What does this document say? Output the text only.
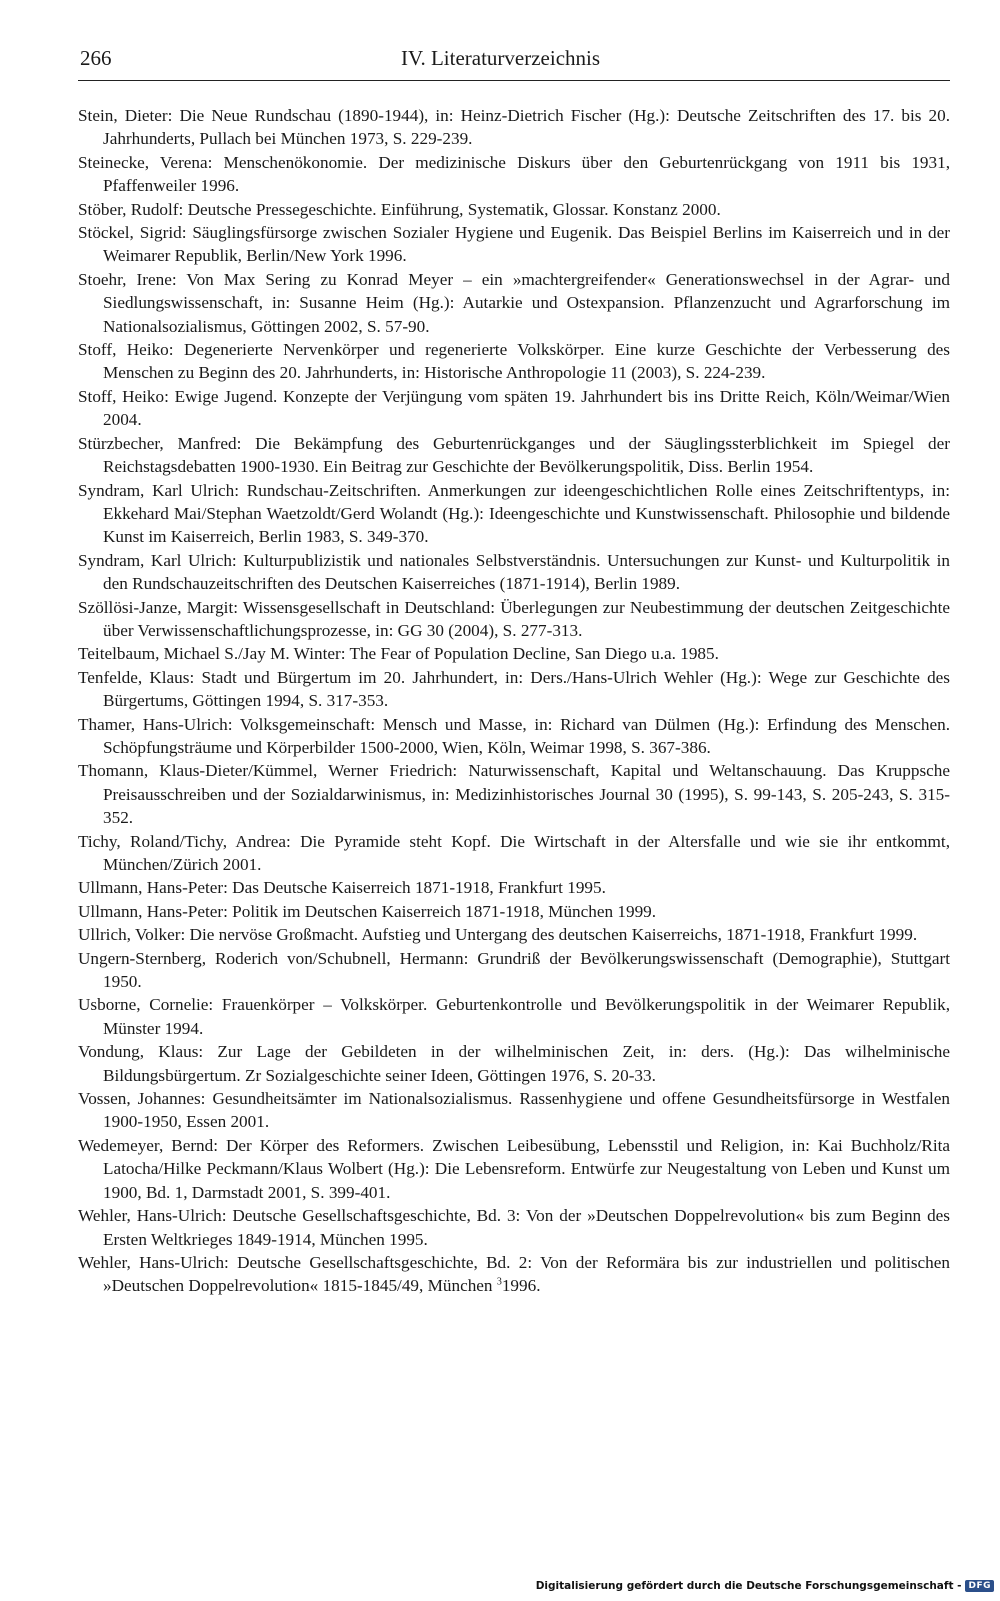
266	IV. Literaturverzeichnis

Stein, Dieter: Die Neue Rundschau (1890-1944), in: Heinz-Dietrich Fischer (Hg.): Deutsche Zeitschriften des 17. bis 20. Jahrhunderts, Pullach bei München 1973, S. 229-239.

Steinecke, Verena: Menschenökonomie. Der medizinische Diskurs über den Geburtenrückgang von 1911 bis 1931, Pfaffenweiler 1996.

Stöber, Rudolf: Deutsche Pressegeschichte. Einführung, Systematik, Glossar. Konstanz 2000.

Stöckel, Sigrid: Säuglingsfürsorge zwischen Sozialer Hygiene und Eugenik. Das Beispiel Berlins im Kaiserreich und in der Weimarer Republik, Berlin/New York 1996.

Stoehr, Irene: Von Max Sering zu Konrad Meyer – ein »machtergreifender« Generationswechsel in der Agrar- und Siedlungswissenschaft, in: Susanne Heim (Hg.): Autarkie und Ostexpansion. Pflanzenzucht und Agrarforschung im Nationalsozialismus, Göttingen 2002, S. 57-90.

Stoff, Heiko: Degenerierte Nervenkörper und regenerierte Volkskörper. Eine kurze Geschichte der Verbesserung des Menschen zu Beginn des 20. Jahrhunderts, in: Historische Anthropologie 11 (2003), S. 224-239.

Stoff, Heiko: Ewige Jugend. Konzepte der Verjüngung vom späten 19. Jahrhundert bis ins Dritte Reich, Köln/Weimar/Wien 2004.

Stürzbecher, Manfred: Die Bekämpfung des Geburtenrückganges und der Säuglingssterblichkeit im Spiegel der Reichstagsdebatten 1900-1930. Ein Beitrag zur Geschichte der Bevölkerungspolitik, Diss. Berlin 1954.

Syndram, Karl Ulrich: Rundschau-Zeitschriften. Anmerkungen zur ideengeschichtlichen Rolle eines Zeitschriftentyps, in: Ekkehard Mai/Stephan Waetzoldt/Gerd Wolandt (Hg.): Ideengeschichte und Kunstwissenschaft. Philosophie und bildende Kunst im Kaiserreich, Berlin 1983, S. 349-370.

Syndram, Karl Ulrich: Kulturpublizistik und nationales Selbstverständnis. Untersuchungen zur Kunst- und Kulturpolitik in den Rundschauzeitschriften des Deutschen Kaiserreiches (1871-1914), Berlin 1989.

Szöllösi-Janze, Margit: Wissensgesellschaft in Deutschland: Überlegungen zur Neubestimmung der deutschen Zeitgeschichte über Verwissenschaftlichungsprozesse, in: GG 30 (2004), S. 277-313.

Teitelbaum, Michael S./Jay M. Winter: The Fear of Population Decline, San Diego u.a. 1985.

Tenfelde, Klaus: Stadt und Bürgertum im 20. Jahrhundert, in: Ders./Hans-Ulrich Wehler (Hg.): Wege zur Geschichte des Bürgertums, Göttingen 1994, S. 317-353.

Thamer, Hans-Ulrich: Volksgemeinschaft: Mensch und Masse, in: Richard van Dülmen (Hg.): Erfindung des Menschen. Schöpfungsträume und Körperbilder 1500-2000, Wien, Köln, Weimar 1998, S. 367-386.

Thomann, Klaus-Dieter/Kümmel, Werner Friedrich: Naturwissenschaft, Kapital und Weltanschauung. Das Kruppsche Preisausschreiben und der Sozialdarwinismus, in: Medizinhistorisches Journal 30 (1995), S. 99-143, S. 205-243, S. 315-352.

Tichy, Roland/Tichy, Andrea: Die Pyramide steht Kopf. Die Wirtschaft in der Altersfalle und wie sie ihr entkommt, München/Zürich 2001.

Ullmann, Hans-Peter: Das Deutsche Kaiserreich 1871-1918, Frankfurt 1995.

Ullmann, Hans-Peter: Politik im Deutschen Kaiserreich 1871-1918, München 1999.

Ullrich, Volker: Die nervöse Großmacht. Aufstieg und Untergang des deutschen Kaiserreichs, 1871-1918, Frankfurt 1999.

Ungern-Sternberg, Roderich von/Schubnell, Hermann: Grundriß der Bevölkerungswissenschaft (Demographie), Stuttgart 1950.

Usborne, Cornelie: Frauenkörper – Volkskörper. Geburtenkontrolle und Bevölkerungspolitik in der Weimarer Republik, Münster 1994.

Vondung, Klaus: Zur Lage der Gebildeten in der wilhelminischen Zeit, in: ders. (Hg.): Das wilhelminische Bildungsbürgertum. Zr Sozialgeschichte seiner Ideen, Göttingen 1976, S. 20-33.

Vossen, Johannes: Gesundheitsämter im Nationalsozialismus. Rassenhygiene und offene Gesundheitsfürsorge in Westfalen 1900-1950, Essen 2001.

Wedemeyer, Bernd: Der Körper des Reformers. Zwischen Leibesübung, Lebensstil und Religion, in: Kai Buchholz/Rita Latocha/Hilke Peckmann/Klaus Wolbert (Hg.): Die Lebensreform. Entwürfe zur Neugestaltung von Leben und Kunst um 1900, Bd. 1, Darmstadt 2001, S. 399-401.

Wehler, Hans-Ulrich: Deutsche Gesellschaftsgeschichte, Bd. 3: Von der »Deutschen Doppelrevolution« bis zum Beginn des Ersten Weltkrieges 1849-1914, München 1995.

Wehler, Hans-Ulrich: Deutsche Gesellschaftsgeschichte, Bd. 2: Von der Reformära bis zur industriellen und politischen »Deutschen Doppelrevolution« 1815-1845/49, München $^3$1996.

Digitalisierung gefördert durch die Deutsche Forschungsgemeinschaft - DFG
